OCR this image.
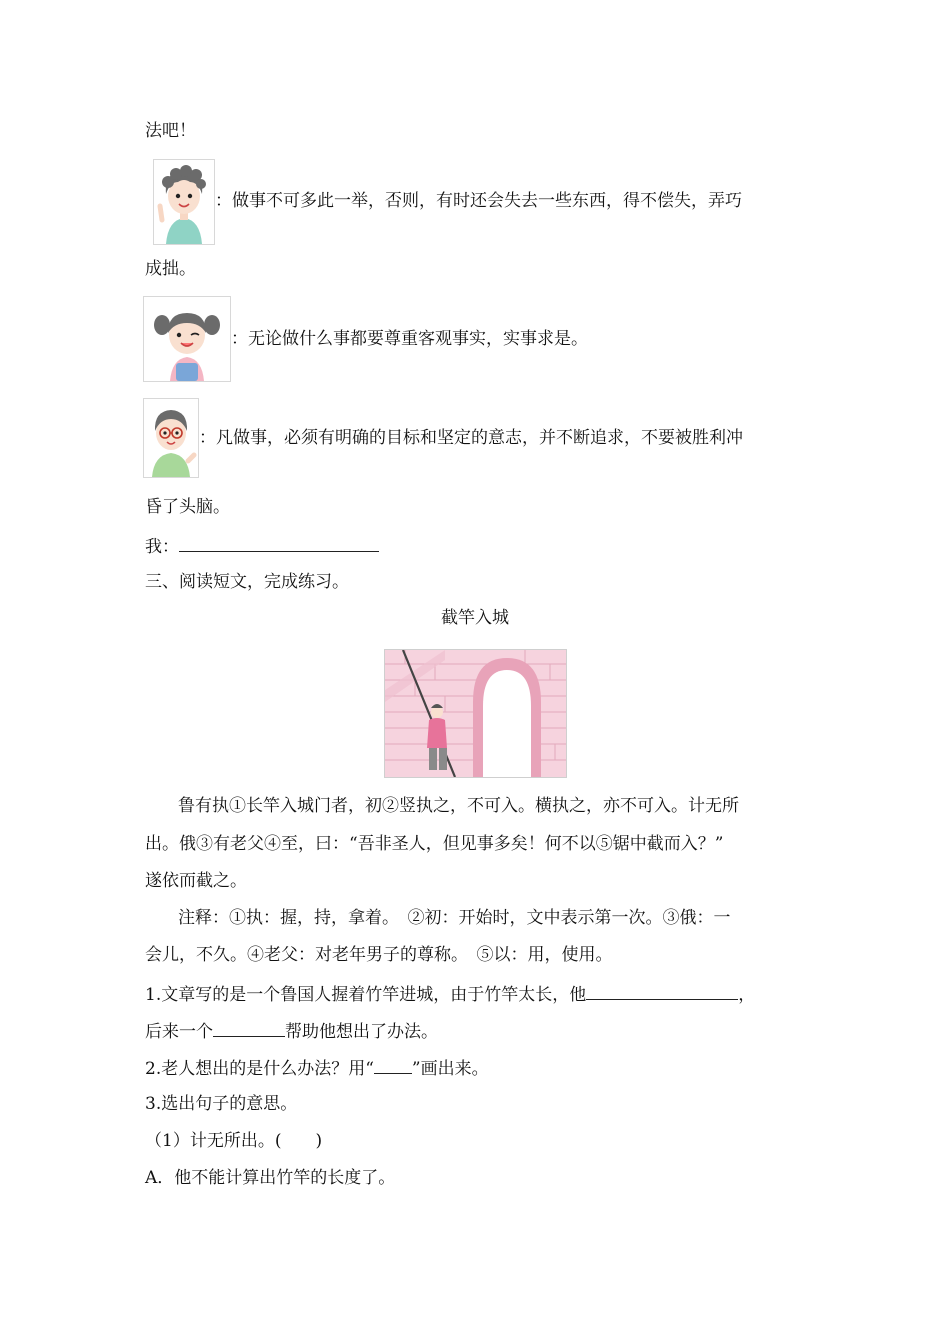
法吧！
：做事不可多此一举，否则，有时还会失去一些东西，得不偿失，弄巧
成拙。
：无论做什么事都要尊重客观事实，实事求是。
：凡做事，必须有明确的目标和坚定的意志，并不断追求，不要被胜利冲
昏了头脑。
我：
三、阅读短文，完成练习。
截竿入城
鲁有执①长竿入城门者，初②竖执之，不可入。横执之，亦不可入。计无所
出。俄③有老父④至，曰：“吾非圣人，但见事多矣！何不以⑤锯中截而入？”
遂依而截之。
注释：①执：握，持，拿着。　②初：开始时，文中表示第一次。③俄：一
会儿，不久。④老父：对老年男子的尊称。　⑤以：用，使用。
1.文章写的是一个鲁国人握着竹竿进城，由于竹竿太长，他	，
后来一个	帮助他想出了办法。
2.老人想出的是什么办法？用“ ”画出来。
3.选出句子的意思。
（1）计无所出。(　　)
A．他不能计算出竹竿的长度了。
